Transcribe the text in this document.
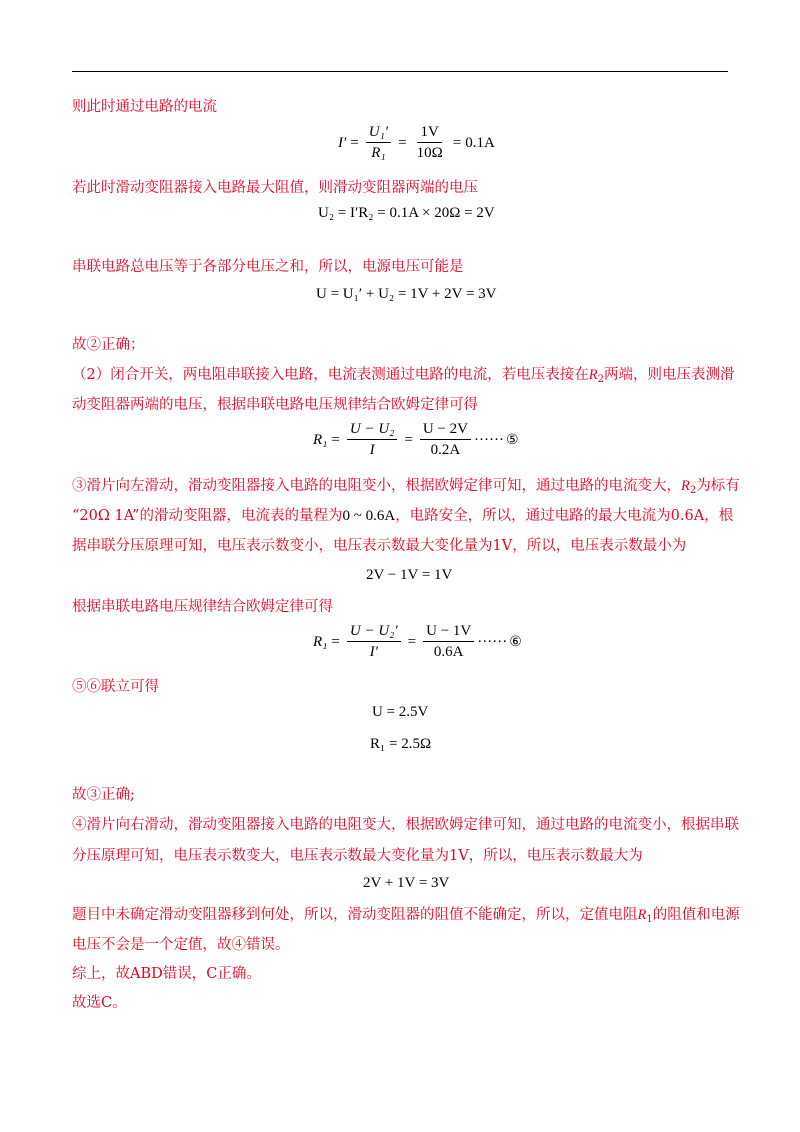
则此时通过电路的电流
$I' = \frac{\text{U₁′}}{\text{R₁}} = \frac{1V}{10\Omega} = 0.1A$
若此时滑动变阻器接入电路最大阻值，则滑动变阻器两端的电压
U₂ = I′R₂ = 0.1A × 20Ω = 2V
串联电路总电压等于各部分电压之和，所以，电源电压可能是
U = U₁′ + U₂ = 1V + 2V = 3V
故②正确；
（2）闭合开关，两电阻串联接入电路，电流表测通过电路的电流，若电压表接在$R_2$两端，则电压表测滑
动变阻器两端的电压，根据串联电路电压规律结合欧姆定律可得
$R_1 = \frac{\text{U − U₂}}{I} = \frac{U - 2V}{0.2A}$ ······ ⑤
③滑片向左滑动，滑动变阻器接入电路的电阻变小，根据欧姆定律可知，通过电路的电流变大，$R_2$为标有
“20Ω 1A”的滑动变阻器，电流表的量程为0 ~ 0.6A，电路安全，所以，通过电路的最大电流为0.6A，根
据串联分压原理可知，电压表示数变小，电压表示数最大变化量为1V，所以，电压表示数最小为
2V − 1V = 1V
根据串联电路电压规律结合欧姆定律可得
$R_1 = \frac{\text{U − U₂′}}{I'} = \frac{U - 1V}{0.6A}$ ······ ⑥
⑤⑥联立可得
U = 2.5V
R₁ = 2.5Ω
故③正确;
④滑片向右滑动，滑动变阻器接入电路的电阻变大，根据欧姆定律可知，通过电路的电流变小，根据串联
分压原理可知，电压表示数变大，电压表示数最大变化量为1V，所以，电压表示数最大为
2V + 1V = 3V
题目中未确定滑动变阻器移到何处，所以，滑动变阻器的阻值不能确定，所以，定值电阻$R_1$的阻值和电源
电压不会是一个定值，故④错误。
综上，故ABD错误，C正确。
故选C。
